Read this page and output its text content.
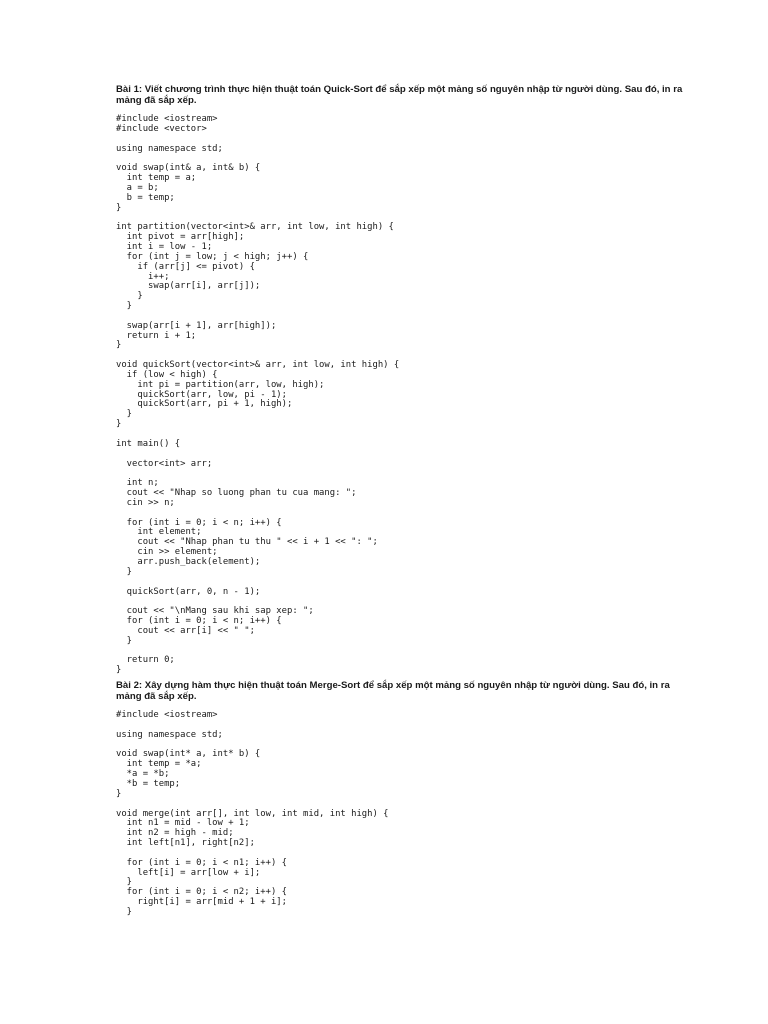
Bài 1: Viết chương trình thực hiện thuật toán Quick-Sort để sắp xếp một mảng số nguyên nhập từ người dùng. Sau đó, in ra mảng đã sắp xếp.
#include <iostream>
#include <vector>

using namespace std;

void swap(int& a, int& b) {
int temp = a;
a = b;
b = temp;
}

int partition(vector<int>& arr, int low, int high) {
int pivot = arr[high];
int i = low - 1;
for (int j = low; j < high; j++) {
if (arr[j] <= pivot) {
i++;
swap(arr[i], arr[j]);
}
}

swap(arr[i + 1], arr[high]);
return i + 1;
}

void quickSort(vector<int>& arr, int low, int high) {
if (low < high) {
int pi = partition(arr, low, high);
quickSort(arr, low, pi - 1);
quickSort(arr, pi + 1, high);
}
}

int main() {

vector<int> arr;

int n;
cout << "Nhap so luong phan tu cua mang: ";
cin >> n;

for (int i = 0; i < n; i++) {
int element;
cout << "Nhap phan tu thu " << i + 1 << ": ";
cin >> element;
arr.push_back(element);
}

quickSort(arr, 0, n - 1);

cout << "\nMang sau khi sap xep: ";
for (int i = 0; i < n; i++) {
cout << arr[i] << " ";
}

return 0;
}
Bài 2: Xây dựng hàm thực hiện thuật toán Merge-Sort để sắp xếp một mảng số nguyên nhập từ người dùng. Sau đó, in ra mảng đã sắp xếp.
#include <iostream>

using namespace std;

void swap(int* a, int* b) {
int temp = *a;
*a = *b;
*b = temp;
}

void merge(int arr[], int low, int mid, int high) {
int n1 = mid - low + 1;
int n2 = high - mid;
int left[n1], right[n2];

for (int i = 0; i < n1; i++) {
left[i] = arr[low + i];
}
for (int i = 0; i < n2; i++) {
right[i] = arr[mid + 1 + i];
}
